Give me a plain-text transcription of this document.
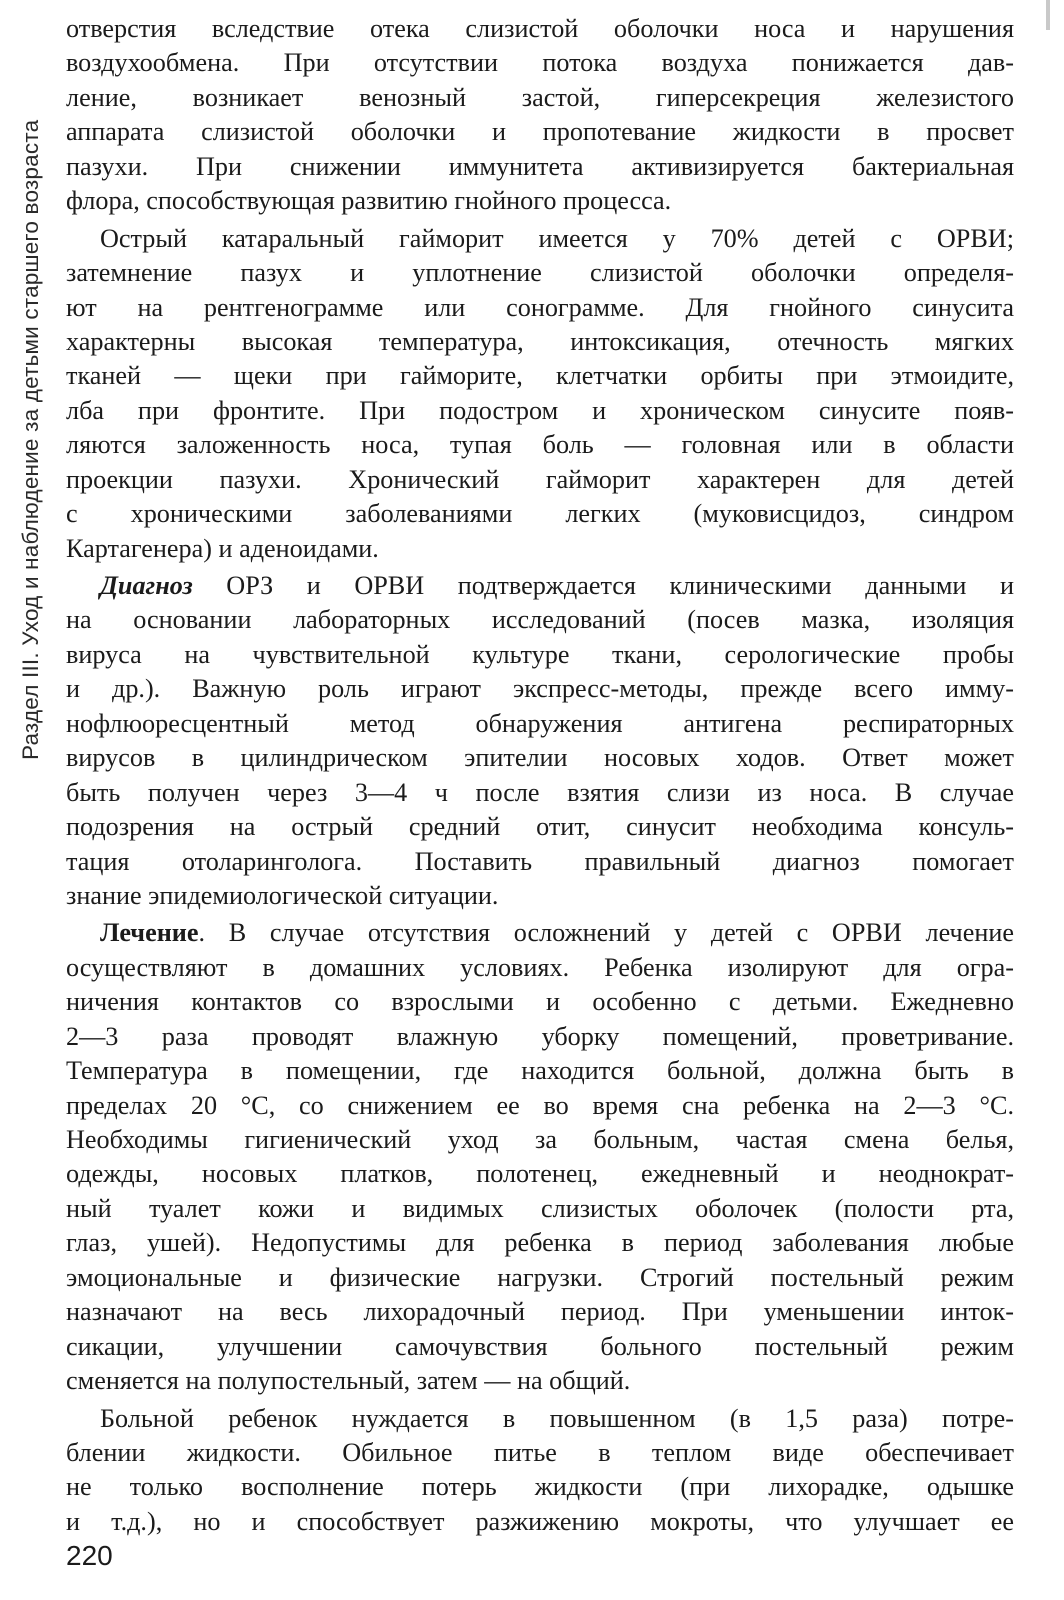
Раздел III. Уход и наблюдение за детьми старшего возраста
отверстия вследствие отека слизистой оболочки носа и нарушения
воздухообмена. При отсутствии потока воздуха понижается дав-
ление, возникает венозный застой, гиперсекреция железистого
аппарата слизистой оболочки и пропотевание жидкости в просвет
пазухи. При снижении иммунитета активизируется бактериальная
флора, способствующая развитию гнойного процесса.
Острый катаральный гайморит имеется у 70% детей с ОРВИ;
затемнение пазух и уплотнение слизистой оболочки определя-
ют на рентгенограмме или сонограмме. Для гнойного синусита
характерны высокая температура, интоксикация, отечность мягких
тканей — щеки при гайморите, клетчатки орбиты при этмоидите,
лба при фронтите. При подостром и хроническом синусите появ-
ляются заложенность носа, тупая боль — головная или в области
проекции пазухи. Хронический гайморит характерен для детей
с хроническими заболеваниями легких (муковисцидоз, синдром
Картагенера) и аденоидами.
Диагноз ОРЗ и ОРВИ подтверждается клиническими данными и
на основании лабораторных исследований (посев мазка, изоляция
вируса на чувствительной культуре ткани, серологические пробы
и др.). Важную роль играют экспресс-методы, прежде всего имму-
нофлюоресцентный метод обнаружения антигена респираторных
вирусов в цилиндрическом эпителии носовых ходов. Ответ может
быть получен через 3—4 ч после взятия слизи из носа. В случае
подозрения на острый средний отит, синусит необходима консуль-
тация отоларинголога. Поставить правильный диагноз помогает
знание эпидемиологической ситуации.
Лечение. В случае отсутствия осложнений у детей с ОРВИ лечение
осуществляют в домашних условиях. Ребенка изолируют для огра-
ничения контактов со взрослыми и особенно с детьми. Ежедневно
2—3 раза проводят влажную уборку помещений, проветривание.
Температура в помещении, где находится больной, должна быть в
пределах 20 °С, со снижением ее во время сна ребенка на 2—3 °С.
Необходимы гигиенический уход за больным, частая смена белья,
одежды, носовых платков, полотенец, ежедневный и неоднократ-
ный туалет кожи и видимых слизистых оболочек (полости рта,
глаз, ушей). Недопустимы для ребенка в период заболевания любые
эмоциональные и физические нагрузки. Строгий постельный режим
назначают на весь лихорадочный период. При уменьшении инток-
сикации, улучшении самочувствия больного постельный режим
сменяется на полупостельный, затем — на общий.
Больной ребенок нуждается в повышенном (в 1,5 раза) потре-
блении жидкости. Обильное питье в теплом виде обеспечивает
не только восполнение потерь жидкости (при лихорадке, одышке
и т.д.), но и способствует разжижению мокроты, что улучшает ее
220
